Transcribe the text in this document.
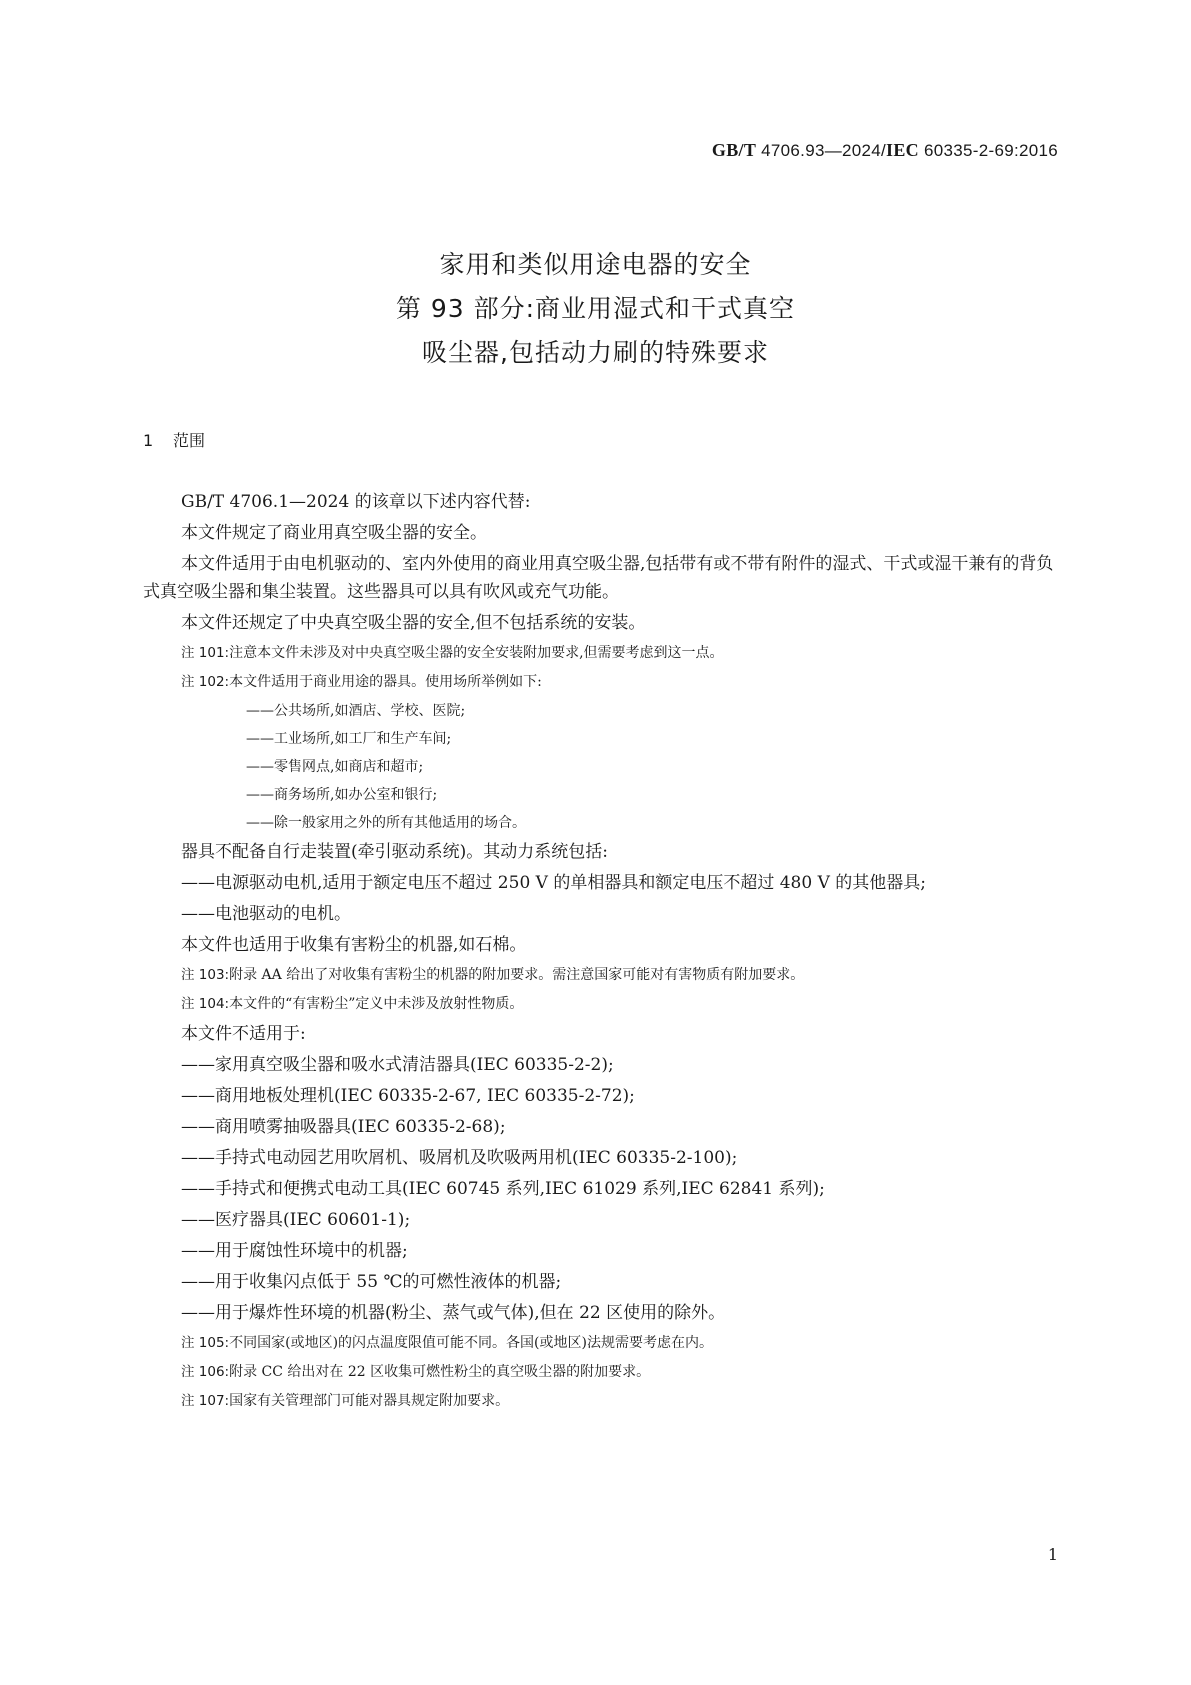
GB/T 4706.93—2024/IEC 60335-2-69:2016
家用和类似用途电器的安全
第 93 部分:商业用湿式和干式真空
吸尘器,包括动力刷的特殊要求
1 范围
GB/T 4706.1—2024 的该章以下述内容代替:
本文件规定了商业用真空吸尘器的安全。
本文件适用于由电机驱动的、室内外使用的商业用真空吸尘器,包括带有或不带有附件的湿式、干式或湿干兼有的背负式真空吸尘器和集尘装置。这些器具可以具有吹风或充气功能。
本文件还规定了中央真空吸尘器的安全,但不包括系统的安装。
注 101:注意本文件未涉及对中央真空吸尘器的安全安装附加要求,但需要考虑到这一点。
注 102:本文件适用于商业用途的器具。使用场所举例如下:
——公共场所,如酒店、学校、医院;
——工业场所,如工厂和生产车间;
——零售网点,如商店和超市;
——商务场所,如办公室和银行;
——除一般家用之外的所有其他适用的场合。
器具不配备自行走装置(牵引驱动系统)。其动力系统包括:
——电源驱动电机,适用于额定电压不超过 250 V 的单相器具和额定电压不超过 480 V 的其他器具;
——电池驱动的电机。
本文件也适用于收集有害粉尘的机器,如石棉。
注 103:附录 AA 给出了对收集有害粉尘的机器的附加要求。需注意国家可能对有害物质有附加要求。
注 104:本文件的“有害粉尘”定义中未涉及放射性物质。
本文件不适用于:
——家用真空吸尘器和吸水式清洁器具(IEC 60335-2-2);
——商用地板处理机(IEC 60335-2-67, IEC 60335-2-72);
——商用喷雾抽吸器具(IEC 60335-2-68);
——手持式电动园艺用吹屑机、吸屑机及吹吸两用机(IEC 60335-2-100);
——手持式和便携式电动工具(IEC 60745 系列,IEC 61029 系列,IEC 62841 系列);
——医疗器具(IEC 60601-1);
——用于腐蚀性环境中的机器;
——用于收集闪点低于 55 ℃的可燃性液体的机器;
——用于爆炸性环境的机器(粉尘、蒸气或气体),但在 22 区使用的除外。
注 105:不同国家(或地区)的闪点温度限值可能不同。各国(或地区)法规需要考虑在内。
注 106:附录 CC 给出对在 22 区收集可燃性粉尘的真空吸尘器的附加要求。
注 107:国家有关管理部门可能对器具规定附加要求。
1
